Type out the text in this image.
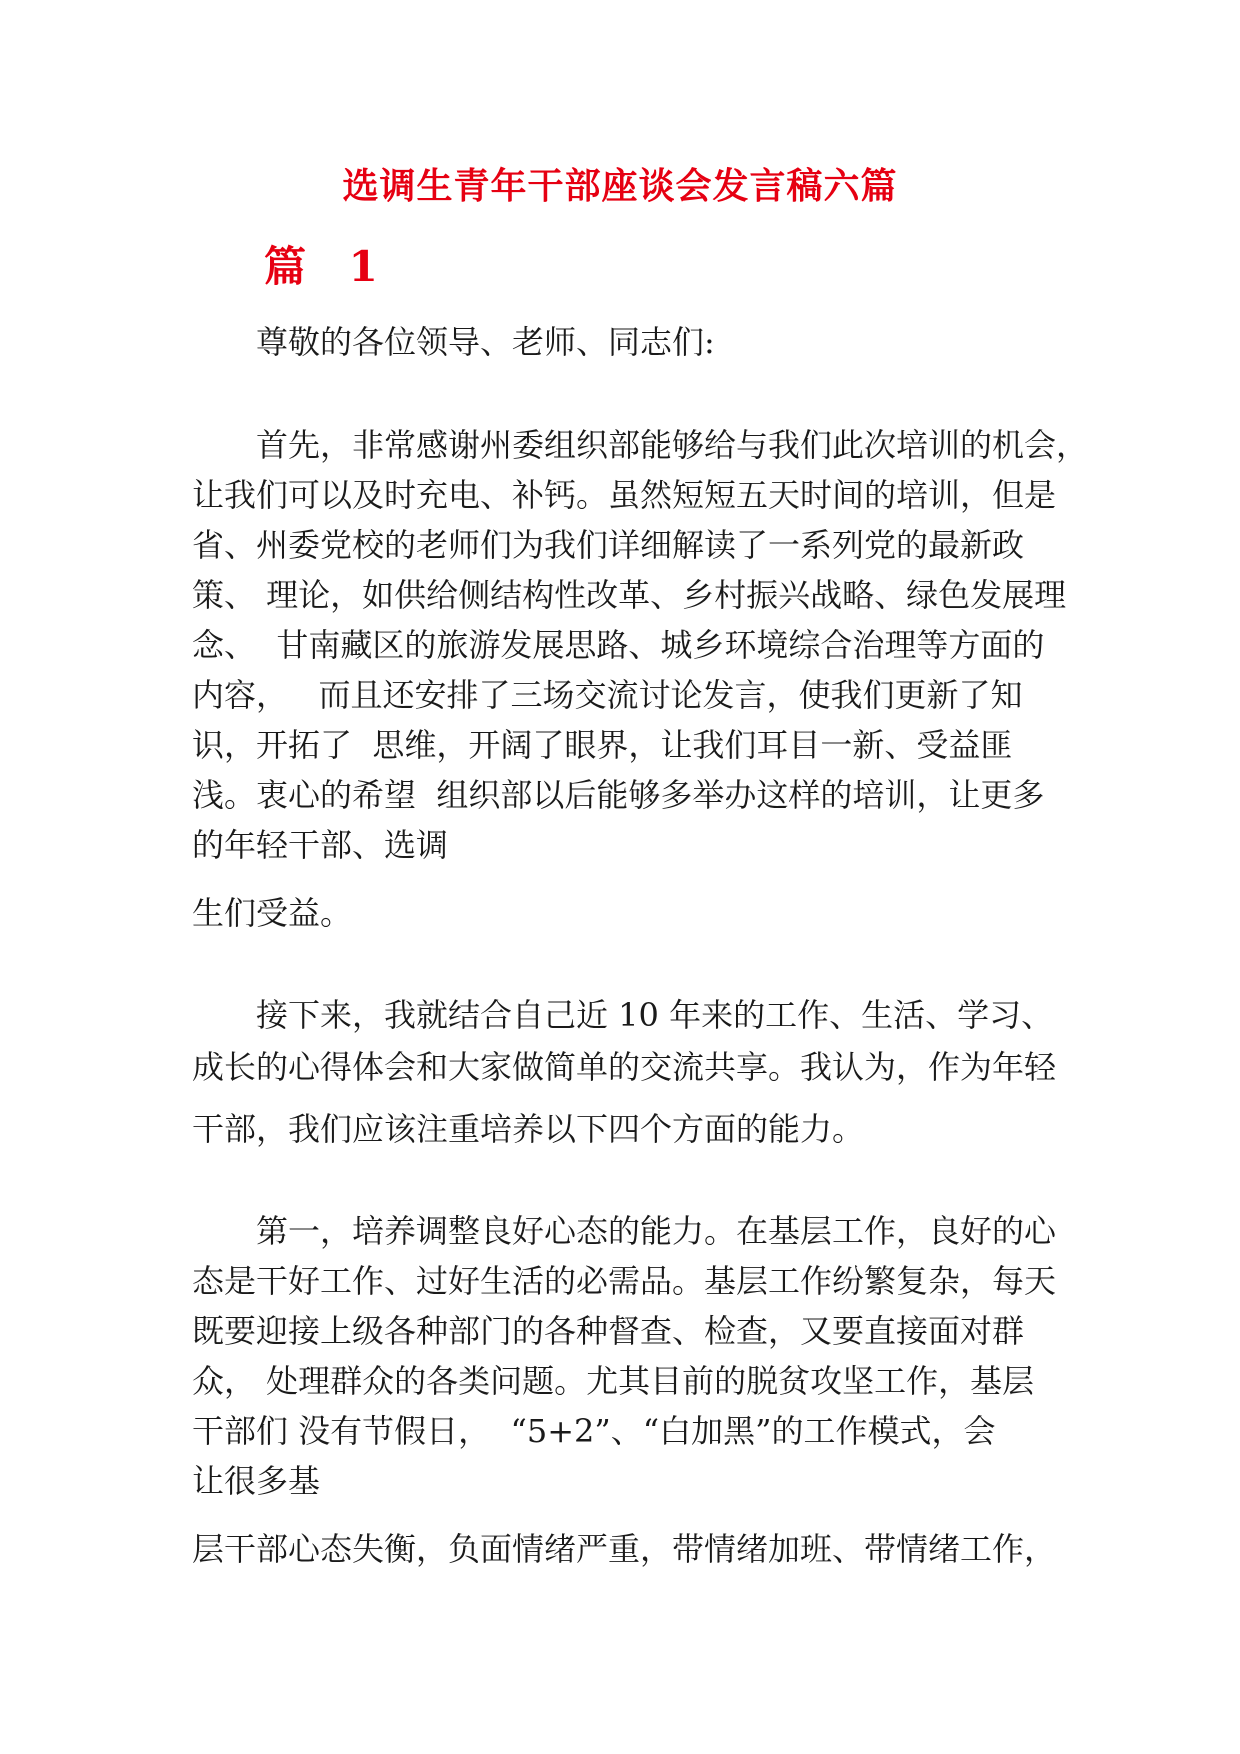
选调生青年干部座谈会发言稿六篇
篇 1

尊敬的各位领导、老师、同志们:

首先，非常感谢州委组织部能够给与我们此次培训的机会，

让我们可以及时充电、补钙。虽然短短五天时间的培训，但是

省、州委党校的老师们为我们详细解读了一系列党的最新政

策、 理论，如供给侧结构性改革、乡村振兴战略、绿色发展理

念、  甘南藏区的旅游发展思路、城乡环境综合治理等方面的

内容，   而且还安排了三场交流讨论发言，使我们更新了知

识，开拓了  思维，开阔了眼界，让我们耳目一新、受益匪

浅。衷心的希望  组织部以后能够多举办这样的培训，让更多

的年轻干部、选调

生们受益。

接下来，我就结合自己近 10 年来的工作、生活、学习、

成长的心得体会和大家做简单的交流共享。我认为，作为年轻

干部，我们应该注重培养以下四个方面的能力。

第一，培养调整良好心态的能力。在基层工作，良好的心

态是干好工作、过好生活的必需品。基层工作纷繁复杂，每天

既要迎接上级各种部门的各种督查、检查，又要直接面对群

众， 处理群众的各类问题。尤其目前的脱贫攻坚工作，基层

干部们 没有节假日，  “5+2”、“白加黑”的工作模式，会

让很多基

层干部心态失衡，负面情绪严重，带情绪加班、带情绪工作，
